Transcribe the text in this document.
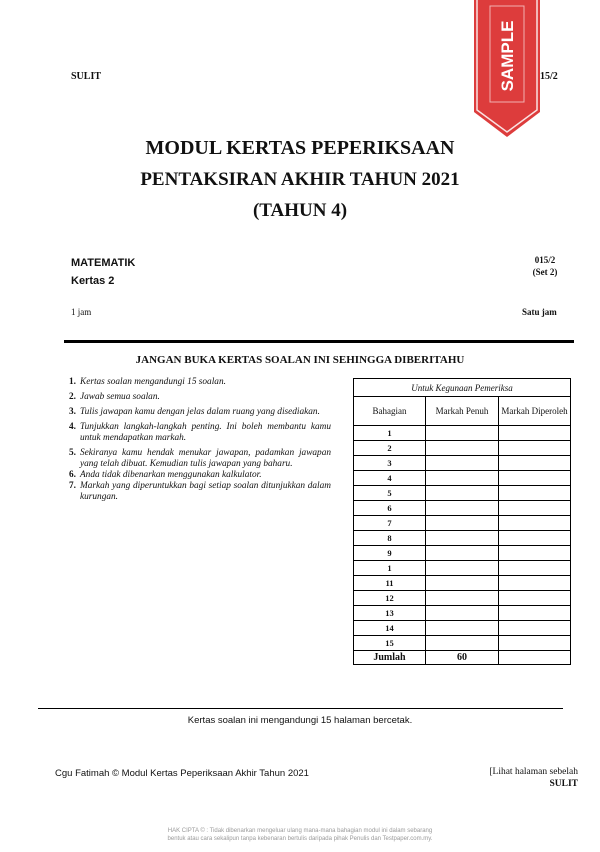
SULIT	15/2
SAMPLE
MODUL KERTAS PEPERIKSAAN
PENTAKSIRAN AKHIR TAHUN 2021
(TAHUN 4)
MATEMATIK
Kertas 2
015/2
(Set 2)
1 jam	Satu jam
JANGAN BUKA KERTAS SOALAN INI SEHINGGA DIBERITAHU
1. Kertas soalan mengandungi 15 soalan.
2. Jawab semua soalan.
3. Tulis jawapan kamu dengan jelas dalam ruang yang disediakan.
4. Tunjukkan langkah-langkah penting. Ini boleh membantu kamu untuk mendapatkan markah.
5. Sekiranya kamu hendak menukar jawapan, padamkan jawapan yang telah dibuat. Kemudian tulis jawapan yang baharu.
6. Anda tidak dibenarkan menggunakan kalkulator.
7. Markah yang diperuntukkan bagi setiap soalan ditunjukkan dalam kurungan.
Untuk Kegunaan Pemeriksa		
Bahagian	Markah Penuh	Markah Diperoleh
1		
2		
3		
4		
5		
6		
7		
8		
9		
1		
11		
12		
13		
14		
15		
Jumlah	60	
Kertas soalan ini mengandungi 15 halaman bercetak.
Cgu Fatimah © Modul Kertas Peperiksaan Akhir Tahun 2021	[Lihat halaman sebelah
SULIT
HAK CIPTA © : Tidak dibenarkan mengeluar ulang mana-mana bahagian modul ini dalam sebarang
bentuk atau cara sekalipun tanpa kebenaran bertulis daripada pihak Penulis dan Testpaper.com.my.
